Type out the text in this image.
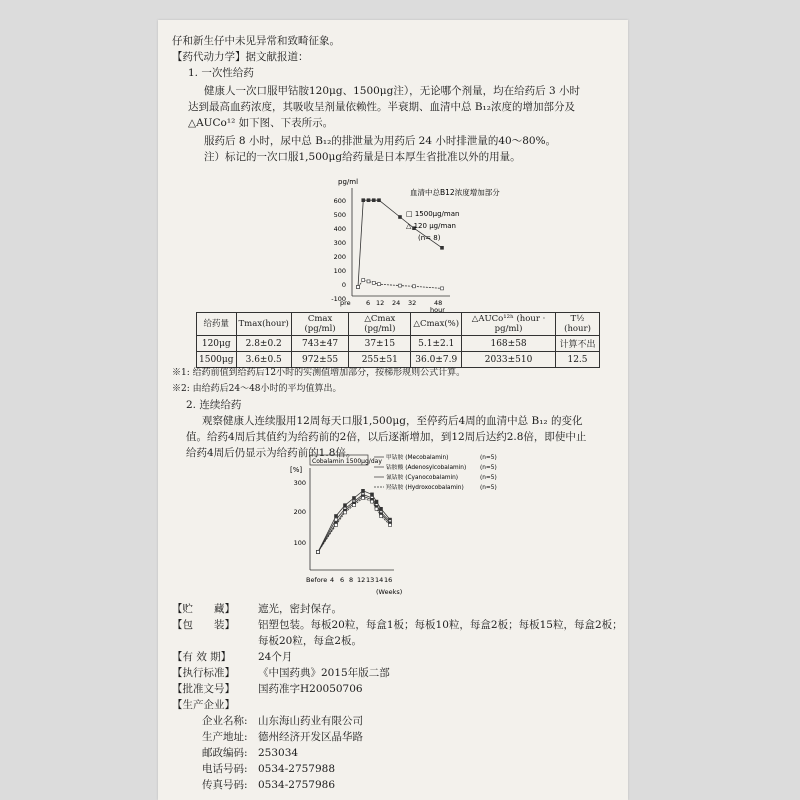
仔和新生仔中未见异常和致畸征象。
【药代动力学】据文献报道：
1. 一次性给药
健康人一次口服甲钴胺120μg、1500μg注），无论哪个剂量，均在给药后 3 小时
达到最高血药浓度，其吸收呈剂量依赖性。半衰期、血清中总 B₁₂浓度的增加部分及
△AUCo¹² 如下图、下表所示。
服药后 8 小时，尿中总 B₁₂的排泄量为用药后 24 小时排泄量的40～80%。
注）标记的一次口服1,500μg给药量是日本厚生省批准以外的用量。
pg/ml
血清中总B12浓度增加部分
600
500
400
300
200
100
0
-100
pre 6 12 24 32	48
hour
□ 1500μg/man
△ 120 μg/man
(n= 8)
给药量	Tmax(hour)	Cmax (pg/ml)	△Cmax (pg/ml)	△Cmax(%)	△AUCo¹²ʰ (hour · pg/ml)	T½ (hour)
120μg	2.8±0.2	743±47	37±15	5.1±2.1	168±58	计算不出
1500μg	3.6±0.5	972±55	255±51	36.0±7.9	2033±510	12.5
※1: 给药前值到给药后12小时的实测值增加部分，按梯形规则公式计算。
※2: 由给药后24～48小时的平均值算出。
2. 连续给药
观察健康人连续服用12周每天口服1,500μg，至停药后4周的血清中总 B₁₂ 的变化
值。给药4周后其值约为给药前的2倍，以后逐渐增加，到12周后达约2.8倍，即使中止
给药4周后仍显示为给药前的1.8倍。
Cobalamin 1500μg/day
[%]
300
200
100
Before 4 6 8 12 13 14 16
(Weeks)
甲钴胺 (Mecobalamin)	(n=5)
钴胺酸 (Adenosylcobalamin) (n=5)
氰钴胺 (Cyanocobalamin)	(n=5)
羟钴胺 (Hydroxocobalamin)	(n=5)
【贮　　藏】 遮光，密封保存。
【包　　装】 铝塑包装。每板20粒，每盒1板；每板10粒，每盒2板；每板15粒，每盒2板；
每板20粒，每盒2板。
【有 效 期】	24个月
【执行标准】 《中国药典》2015年版二部
【批准文号】 国药准字H20050706
【生产企业】
企业名称: 山东海山药业有限公司
生产地址: 德州经济开发区晶华路
邮政编码: 253034
电话号码: 0534-2757988
传真号码: 0534-2757986
